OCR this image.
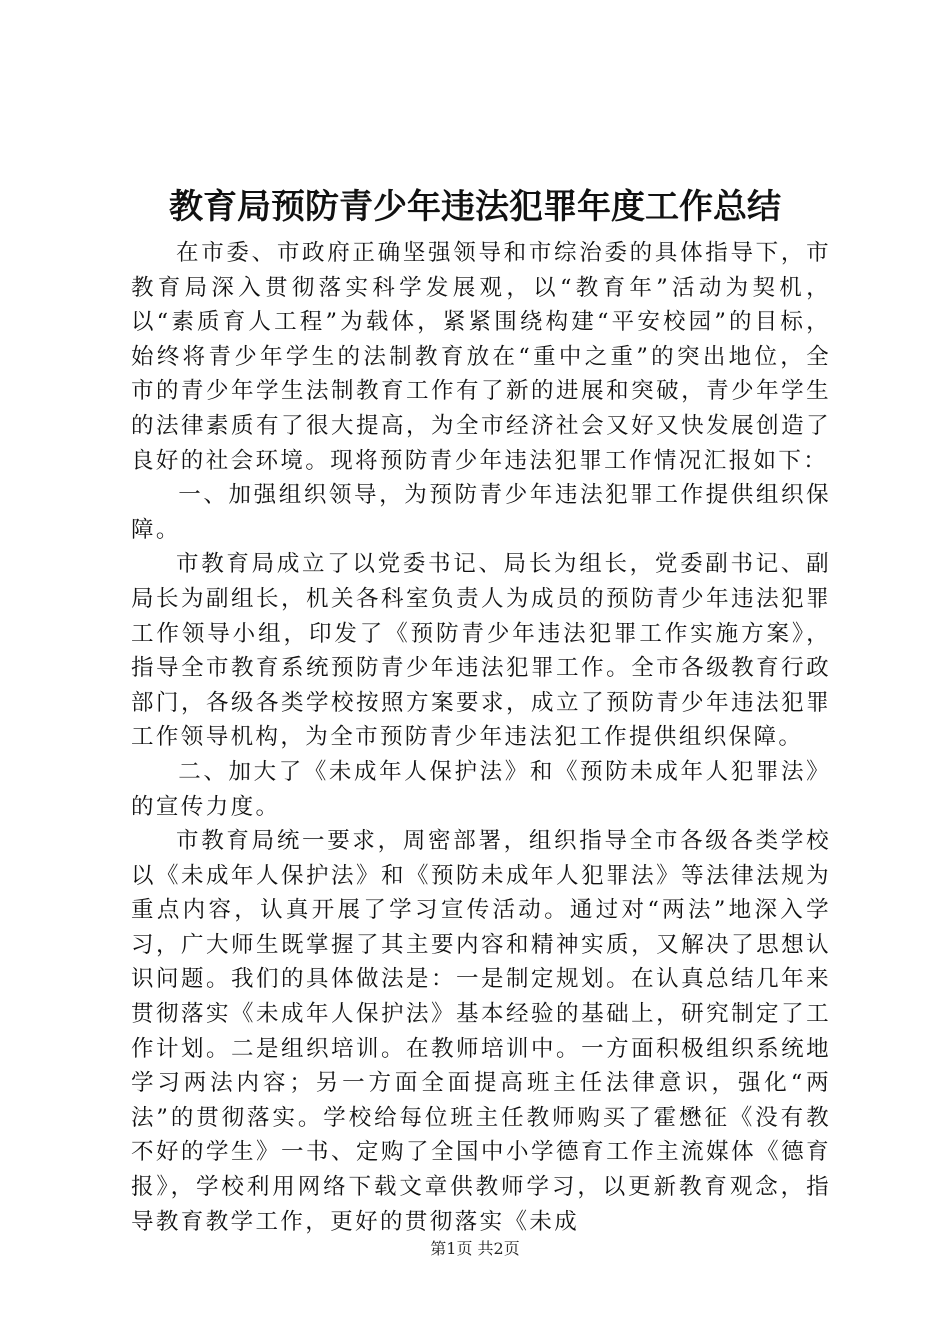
教育局预防青少年违法犯罪年度工作总结

在市委、市政府正确坚强领导和市综治委的具体指导下，市教育局深入贯彻落实科学发展观，以“教育年”活动为契机，以“素质育人工程”为载体，紧紧围绕构建“平安校园”的目标，始终将青少年学生的法制教育放在“重中之重”的突出地位，全市的青少年学生法制教育工作有了新的进展和突破，青少年学生的法律素质有了很大提高，为全市经济社会又好又快发展创造了良好的社会环境。现将预防青少年违法犯罪工作情况汇报如下：

一、加强组织领导，为预防青少年违法犯罪工作提供组织保障。

市教育局成立了以党委书记、局长为组长，党委副书记、副局长为副组长，机关各科室负责人为成员的预防青少年违法犯罪工作领导小组，印发了《预防青少年违法犯罪工作实施方案》，指导全市教育系统预防青少年违法犯罪工作。全市各级教育行政部门，各级各类学校按照方案要求，成立了预防青少年违法犯罪工作领导机构，为全市预防青少年违法犯工作提供组织保障。

二、加大了《未成年人保护法》和《预防未成年人犯罪法》的宣传力度。

市教育局统一要求，周密部署，组织指导全市各级各类学校以《未成年人保护法》和《预防未成年人犯罪法》等法律法规为重点内容，认真开展了学习宣传活动。通过对“两法”地深入学习，广大师生既掌握了其主要内容和精神实质，又解决了思想认识问题。我们的具体做法是：一是制定规划。在认真总结几年来贯彻落实《未成年人保护法》基本经验的基础上，研究制定了工作计划。二是组织培训。在教师培训中。一方面积极组织系统地学习两法内容；另一方面全面提高班主任法律意识，强化“两法”的贯彻落实。学校给每位班主任教师购买了霍懋征《没有教不好的学生》一书、定购了全国中小学德育工作主流媒体《德育报》，学校利用网络下载文章供教师学习，以更新教育观念，指导教育教学工作，更好的贯彻落实《未成

第1页 共2页
